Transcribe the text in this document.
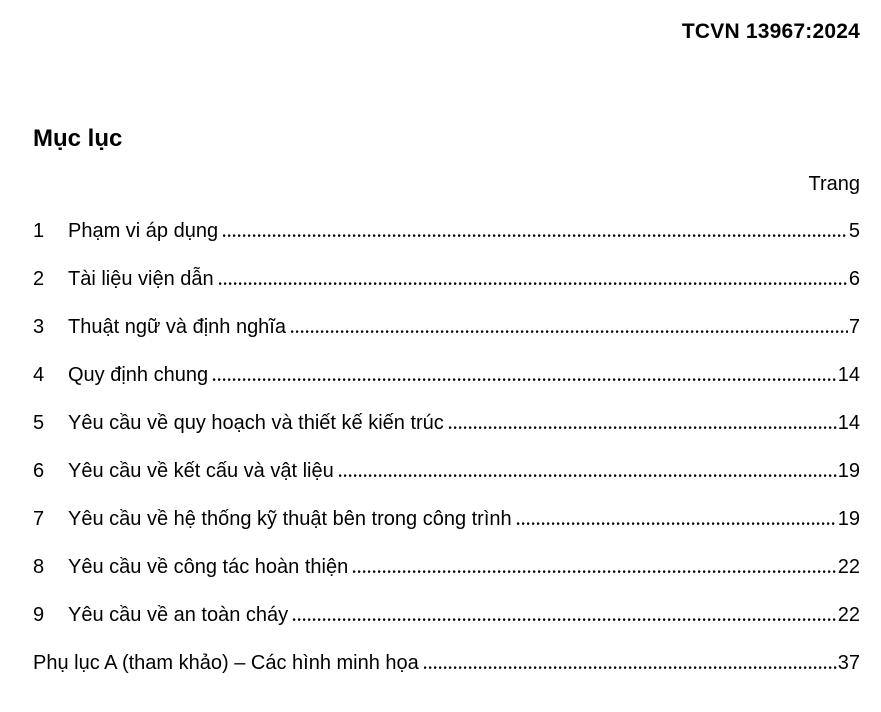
TCVN 13967:2024
Mục lục
Trang
1	Phạm vi áp dụng	5
2	Tài liệu viện dẫn	6
3	Thuật ngữ và định nghĩa	7
4	Quy định chung	14
5	Yêu cầu về quy hoạch và thiết kế kiến trúc	14
6	Yêu cầu về kết cấu và vật liệu	19
7	Yêu cầu về hệ thống kỹ thuật bên trong công trình	19
8	Yêu cầu về công tác hoàn thiện	22
9	Yêu cầu về an toàn cháy	22
Phụ lục A (tham khảo) – Các hình minh họa	37
